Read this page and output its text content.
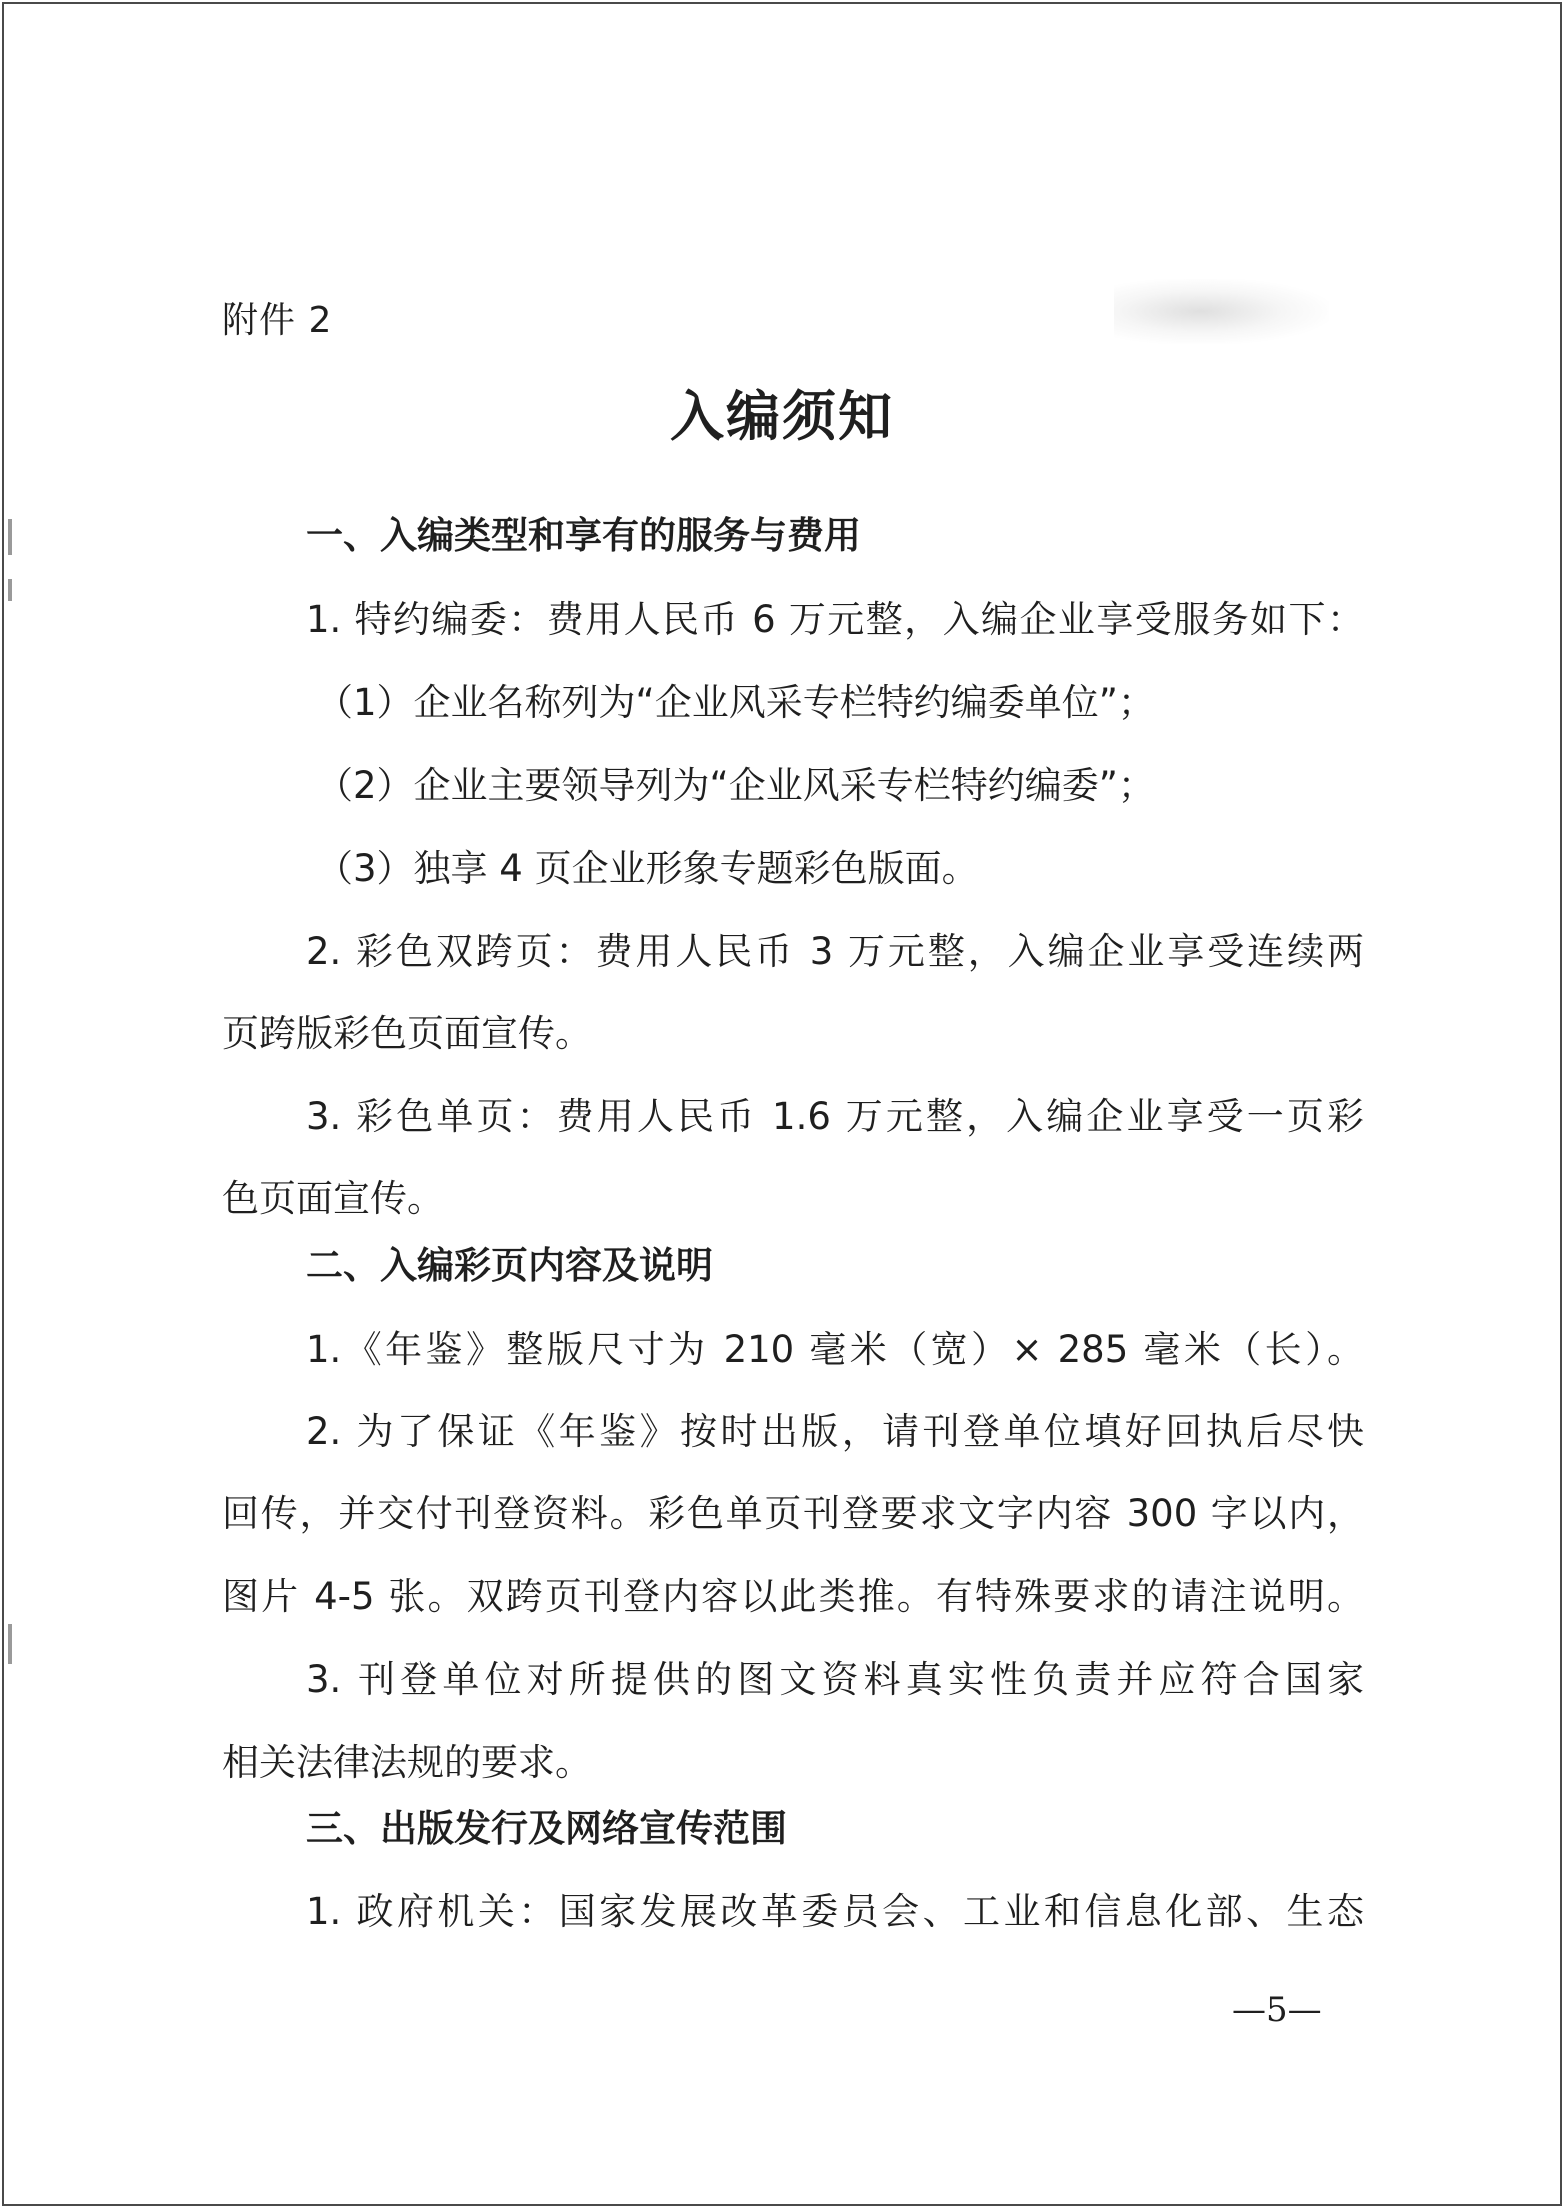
附件 2
入编须知
一、入编类型和享有的服务与费用
1. 特约编委：费用人民币 6 万元整，入编企业享受服务如下：
（1）企业名称列为“企业风采专栏特约编委单位”；
（2）企业主要领导列为“企业风采专栏特约编委”；
（3）独享 4 页企业形象专题彩色版面。
2. 彩色双跨页：费用人民币 3 万元整，入编企业享受连续两
页跨版彩色页面宣传。
3. 彩色单页：费用人民币 1.6 万元整，入编企业享受一页彩
色页面宣传。
二、入编彩页内容及说明
1.《年鉴》整版尺寸为 210 毫米（宽）× 285 毫米（长）。
2. 为了保证《年鉴》按时出版，请刊登单位填好回执后尽快
回传，并交付刊登资料。彩色单页刊登要求文字内容 300 字以内，
图片 4-5 张。双跨页刊登内容以此类推。有特殊要求的请注说明。
3. 刊登单位对所提供的图文资料真实性负责并应符合国家
相关法律法规的要求。
三、出版发行及网络宣传范围
1. 政府机关：国家发展改革委员会、工业和信息化部、生态
—5—
